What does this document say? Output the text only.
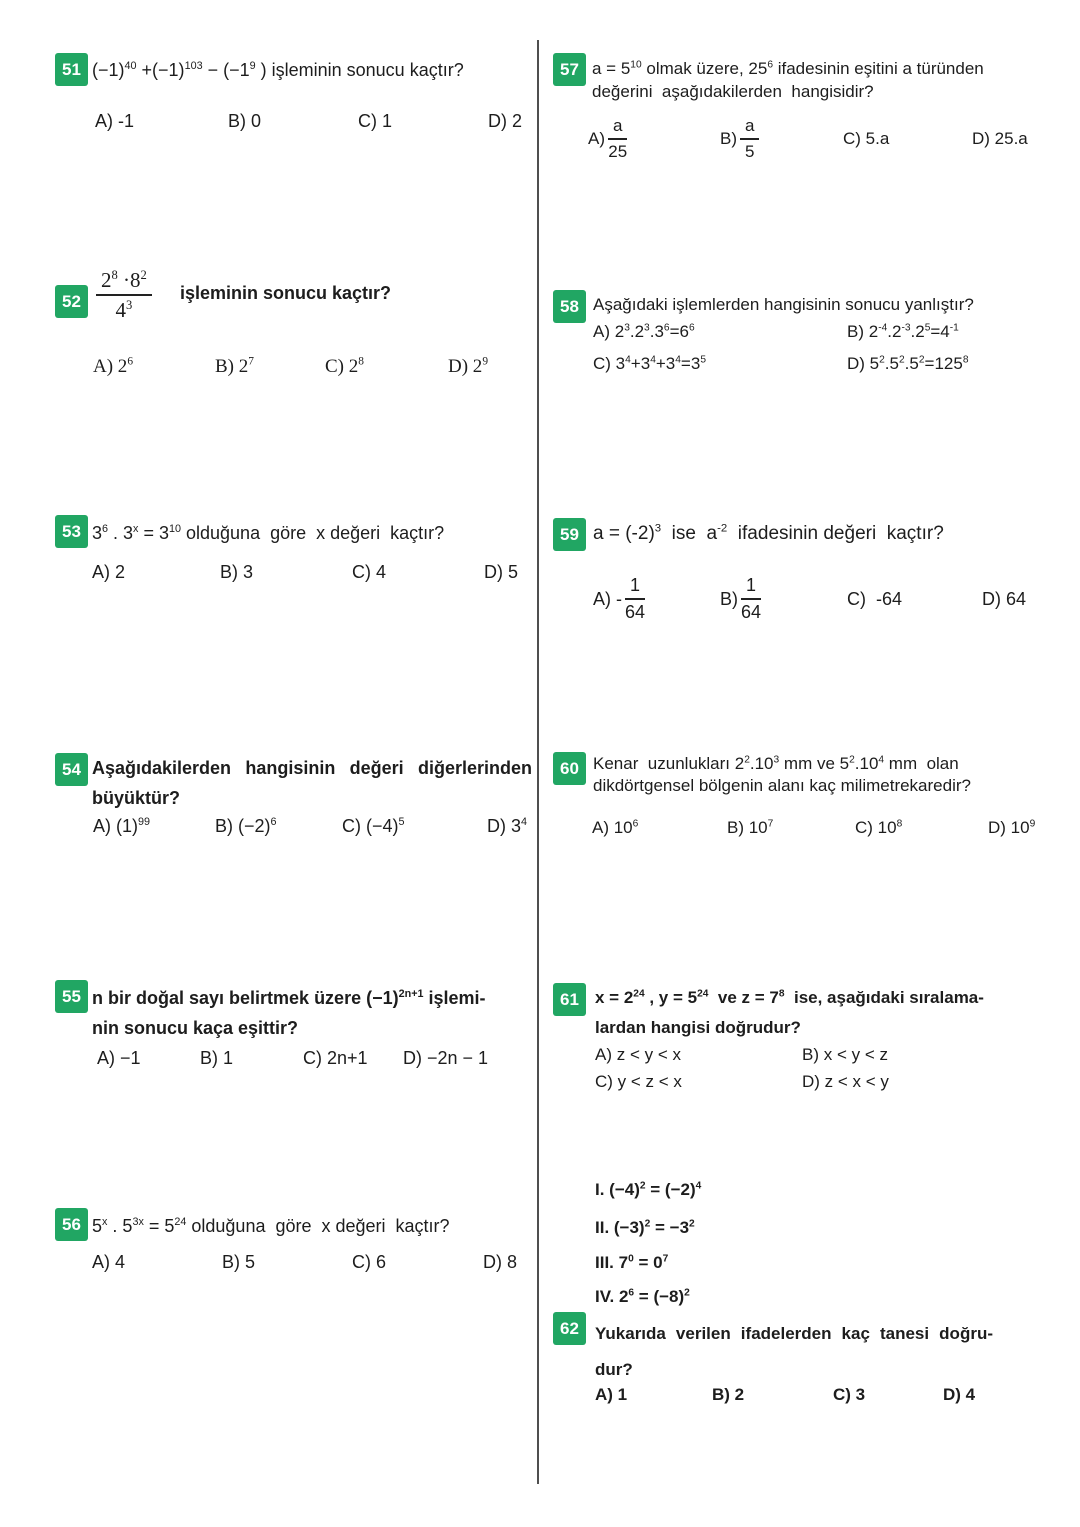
51 $(-1)^{40} +(-1)^{103} - (-1^9$ ) işleminin sonucu kaçtır?
A) -1	B) 0	C) 1	D) 2
$52 \frac{2^8 \cdot 8^2}{4^3}$ işleminin sonucu kaçtır?
A) $2^6$	B) $2^7$	C) $2^8$	D) $2^9$
53 $3^6$ . $3^x = 3^{10}$ olduğuna  göre  x değeri  kaçtır?
A) 2	B) 3	C) 4	D) 5
54 Aşağıdakilerden hangisinin değeri diğerlerinden
büyüktür?
A) $(1)^{99}$	B) $(-2)^6$	C) $(-4)^5$	D) $3^4$
55 n bir doğal sayı belirtmek üzere $(-1)^{2n+1}$ işlemi-
nin sonucu kaça eşittir?
A) −1	B) 1	C) 2n+1 D) −2n − 1
56 5$^x$ . $5^{3x} = 5^{24}$ olduğuna  göre  x değeri  kaçtır?
A) 4	B) 5	C) 6	D) 8
57 $a = 5^{10}$ olmak üzere, $25^6$ ifadesinin eşitini a türünden
değerini  aşağıdakilerden  hangisidir?
A)
a
25
B)
a
5
C) 5.a	D) 25.a
58 Aşağıdaki işlemlerden hangisinin sonucu yanlıştır?
A) $2^3.2^3.3^6=6^6$	B) $2^{-4}.2^{-3}.2^5=4^{-1}$
C) $3^4+3^4+3^4=3^5$	D) $5^2.5^2.5^2=125^8$
59 $a = (-2)^3$  ise  $a^{-2}$  ifadesinin değeri  kaçtır?
A) -
1
64
B)
1
64
C)  -64	D) 64
60 Kenar  uzunlukları $2^2.10^3$ mm ve $5^2.10^4$ mm  olan
dikdörtgensel bölgenin alanı kaç milimetrekaredir?
A) $10^6$	B) $10^7$	C) $10^8$	D) $10^9$
61 $x = 2^{24}$ , $y = 5^{24}$  ve $z = 7^8$  ise, aşağıdaki sıralama-
lardan hangisi doğrudur?
A) z < y < x	B) x < y < z
C) y < z < x	D) z < x < y
I. $(-4)^2 = (-2)^4$
II. $(-3)^2 = -3^2$
III. $7^0 = 0^7$
IV. $2^6 = (-8)^2$
62 Yukarıda verilen ifadelerden kaç tanesi doğru-
dur?
A) 1	B) 2	C) 3	D) 4
